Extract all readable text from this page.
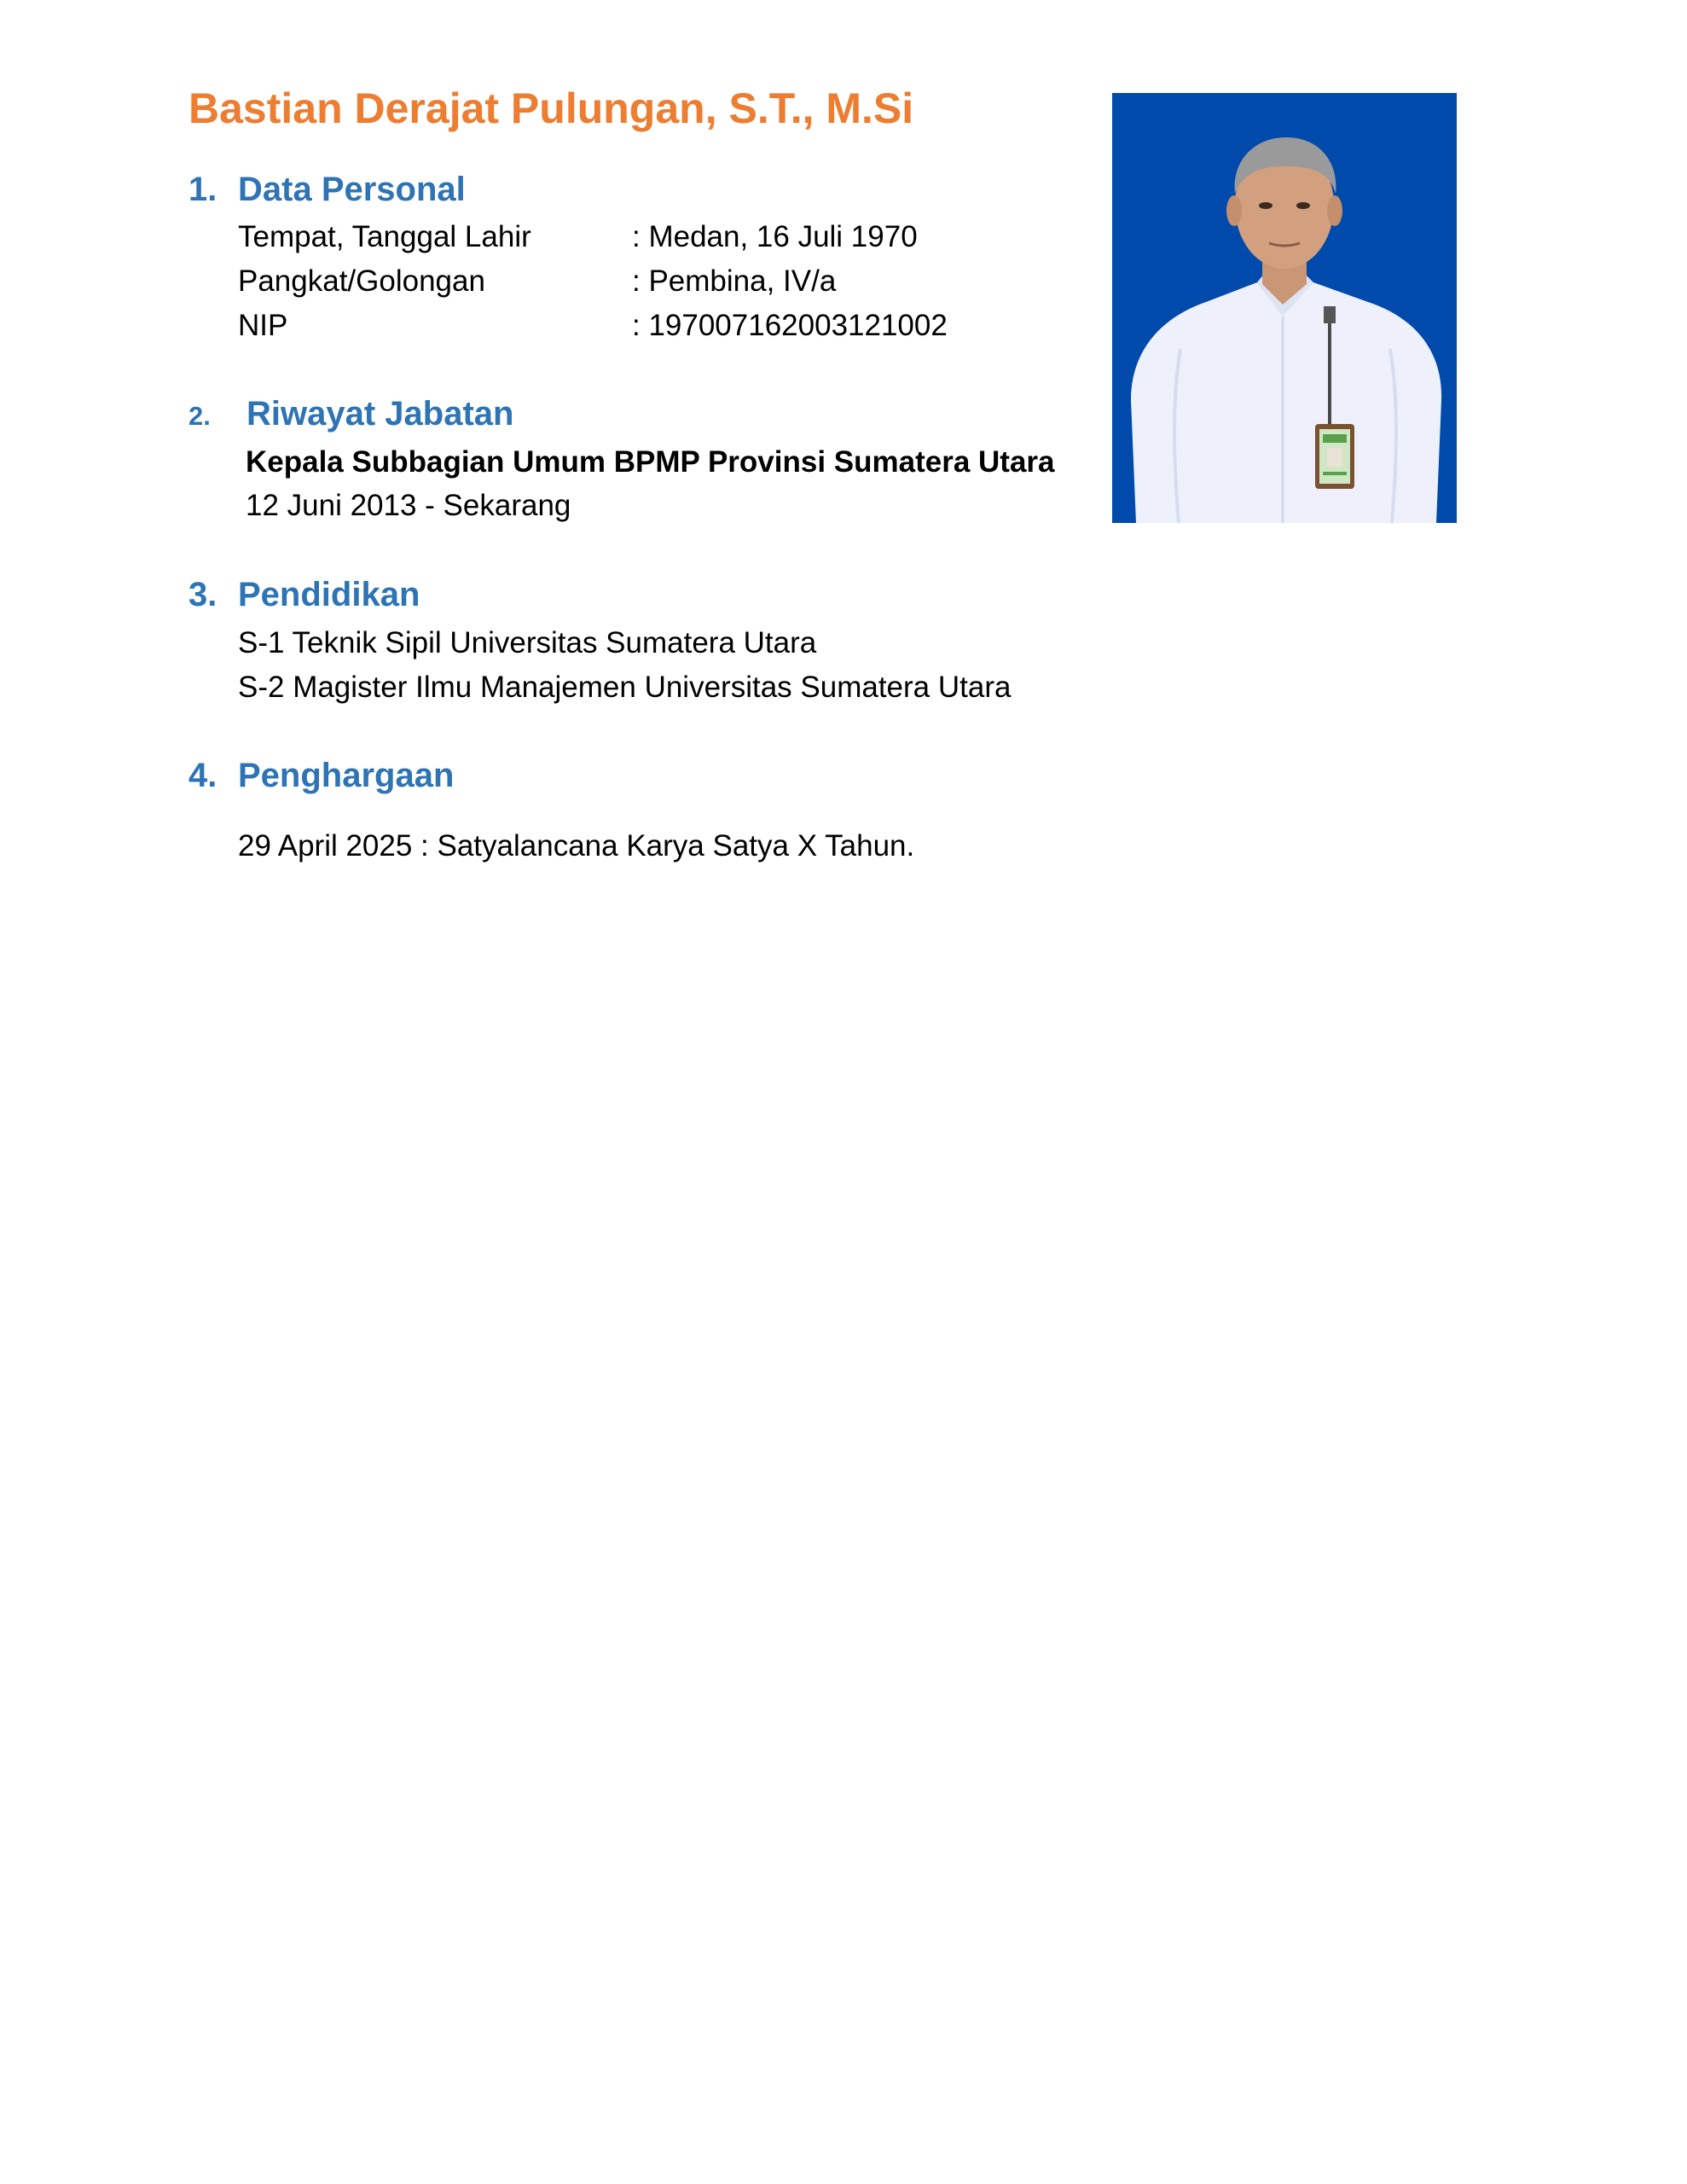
Bastian Derajat Pulungan, S.T., M.Si
1. Data Personal
Tempat, Tanggal Lahir	: Medan, 16 Juli 1970
Pangkat/Golongan	: Pembina, IV/a
NIP	: 197007162003121002
2. Riwayat Jabatan
Kepala Subbagian Umum BPMP Provinsi Sumatera Utara
12 Juni 2013 - Sekarang
3. Pendidikan
S-1 Teknik Sipil Universitas Sumatera Utara
S-2 Magister Ilmu Manajemen Universitas Sumatera Utara
4. Penghargaan
29 April 2025 : Satyalancana Karya Satya X Tahun.
